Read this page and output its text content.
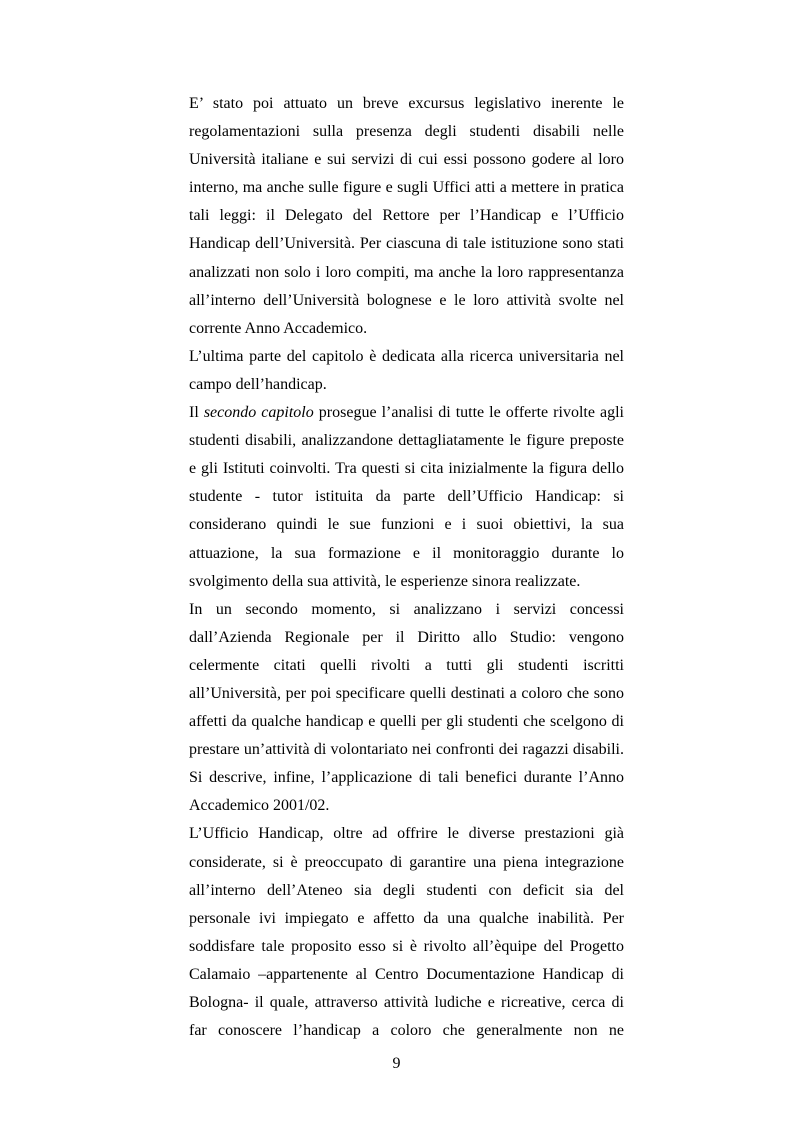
E’ stato poi attuato un breve excursus legislativo inerente le
regolamentazioni sulla presenza degli studenti disabili nelle
Università italiane e sui servizi di cui essi possono godere al loro
interno, ma anche sulle figure e sugli Uffici atti a mettere in pratica
tali leggi: il Delegato del Rettore per l’Handicap e l’Ufficio
Handicap dell’Università. Per ciascuna di tale istituzione sono stati
analizzati non solo i loro compiti, ma anche la loro rappresentanza
all’interno dell’Università bolognese e le loro attività svolte nel
corrente Anno Accademico.
L’ultima parte del capitolo è dedicata alla ricerca universitaria nel
campo dell’handicap.
Il secondo capitolo prosegue l’analisi di tutte le offerte rivolte agli
studenti disabili, analizzandone dettagliatamente le figure preposte
e gli Istituti coinvolti. Tra questi si cita inizialmente la figura dello
studente - tutor istituita da parte dell’Ufficio Handicap: si
considerano quindi le sue funzioni e i suoi obiettivi, la sua
attuazione, la sua formazione e il monitoraggio durante lo
svolgimento della sua attività, le esperienze sinora realizzate.
In un secondo momento, si analizzano i servizi concessi
dall’Azienda Regionale per il Diritto allo Studio: vengono
celermente citati quelli rivolti a tutti gli studenti iscritti
all’Università, per poi specificare quelli destinati a coloro che sono
affetti da qualche handicap e quelli per gli studenti che scelgono di
prestare un’attività di volontariato nei confronti dei ragazzi disabili.
Si descrive, infine, l’applicazione di tali benefici durante l’Anno
Accademico 2001/02.
L’Ufficio Handicap, oltre ad offrire le diverse prestazioni già
considerate, si è preoccupato di garantire una piena integrazione
all’interno dell’Ateneo sia degli studenti con deficit sia del
personale ivi impiegato e affetto da una qualche inabilità. Per
soddisfare tale proposito esso si è rivolto all’èquipe del Progetto
Calamaio –appartenente al Centro Documentazione Handicap di
Bologna- il quale, attraverso attività ludiche e ricreative, cerca di
far conoscere l’handicap a coloro che generalmente non ne
9
